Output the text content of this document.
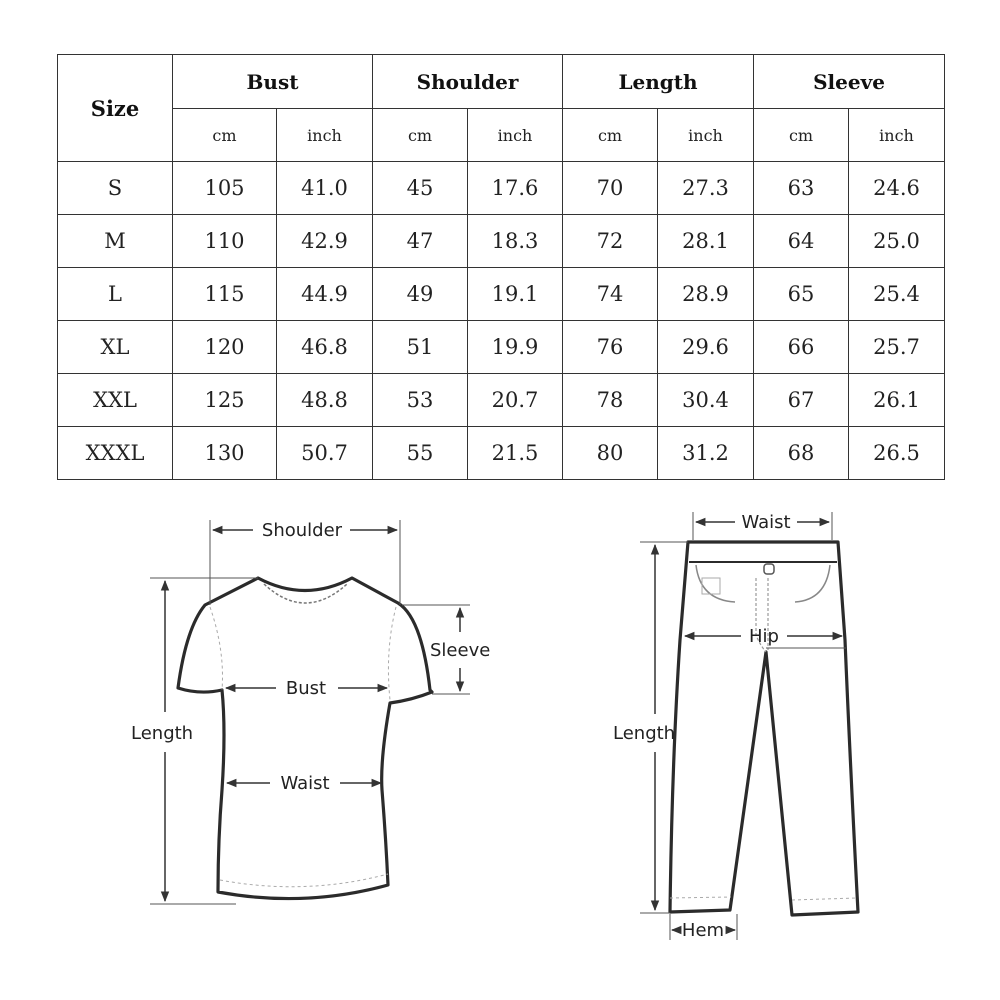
Size	Bust		Shoulder		Length		Sleeve	
	cm	inch	cm	inch	cm	inch	cm	inch
S	105	41.0	45	17.6	70	27.3	63	24.6
M	110	42.9	47	18.3	72	28.1	64	25.0
L	115	44.9	49	19.1	74	28.9	65	25.4
XL	120	46.8	51	19.9	76	29.6	66	25.7
XXL	125	48.8	53	20.7	78	30.4	67	26.1
XXXL	130	50.7	55	21.5	80	31.2	68	26.5
Shoulder
Sleeve
Bust
Waist
Length
Waist
Hip
Length
Hem
